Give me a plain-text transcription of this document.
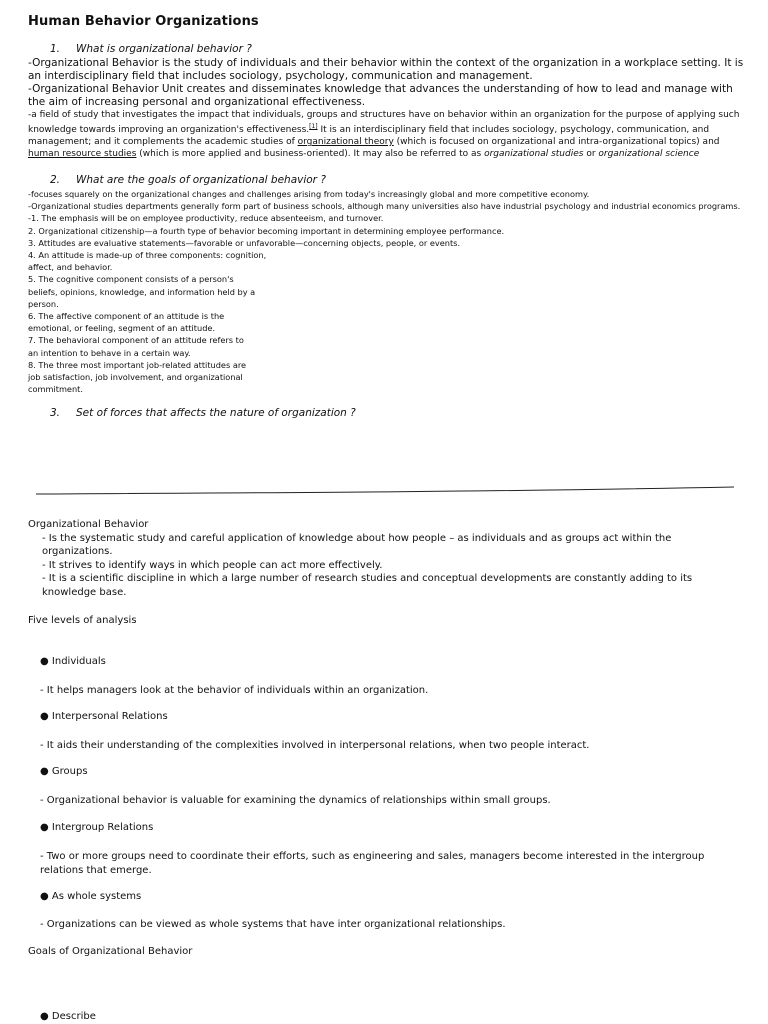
Human Behavior Organizations
1. What is organizational behavior ?

-Organizational Behavior is the study of individuals and their behavior within the context of the organization in a workplace setting. It is an interdisciplinary field that includes sociology, psychology, communication and management.

-Organizational Behavior Unit creates and disseminates knowledge that advances the understanding of how to lead and manage with the aim of increasing personal and organizational effectiveness.

-a field of study that investigates the impact that individuals, groups and structures have on behavior within an organization for the purpose of applying such knowledge towards improving an organization's effectiveness.[1] It is an interdisciplinary field that includes sociology, psychology, communication, and management; and it complements the academic studies of organizational theory (which is focused on organizational and intra-organizational topics) and human resource studies (which is more applied and business-oriented). It may also be referred to as organizational studies or organizational science

2. What are the goals of organizational behavior ?

-focuses squarely on the organizational changes and challenges arising from today's increasingly global and more competitive economy.

-Organizational studies departments generally form part of business schools, although many universities also have industrial psychology and industrial economics programs.

-1. The emphasis will be on employee productivity, reduce absenteeism, and turnover.

2. Organizational citizenship—a fourth type of behavior becoming important in determining employee performance.

3. Attitudes are evaluative statements—favorable or unfavorable—concerning objects, people, or events.

4. An attitude is made-up of three components: cognition, affect, and behavior.

5. The cognitive component consists of a person's beliefs, opinions, knowledge, and information held by a person.

6. The affective component of an attitude is the emotional, or feeling, segment of an attitude.

7. The behavioral component of an attitude refers to an intention to behave in a certain way.

8. The three most important job-related attitudes are job satisfaction, job involvement, and organizational commitment.

3. Set of forces that affects the nature of organization ?

Organizational Behavior

- Is the systematic study and careful application of knowledge about how people – as individuals and as groups act within the organizations.

- It strives to identify ways in which people can act more effectively.

- It is a scientific discipline in which a large number of research studies and conceptual developments are constantly adding to its knowledge base.

Five levels of analysis
● Individuals
- It helps managers look at the behavior of individuals within an organization.
● Interpersonal Relations
- It aids their understanding of the complexities involved in interpersonal relations, when two people interact.
● Groups
- Organizational behavior is valuable for examining the dynamics of relationships within small groups.
● Intergroup Relations
- Two or more groups need to coordinate their efforts, such as engineering and sales, managers become interested in the intergroup relations that emerge.
● As whole systems
- Organizations can be viewed as whole systems that have inter organizational relationships.
Goals of Organizational Behavior
● Describe
